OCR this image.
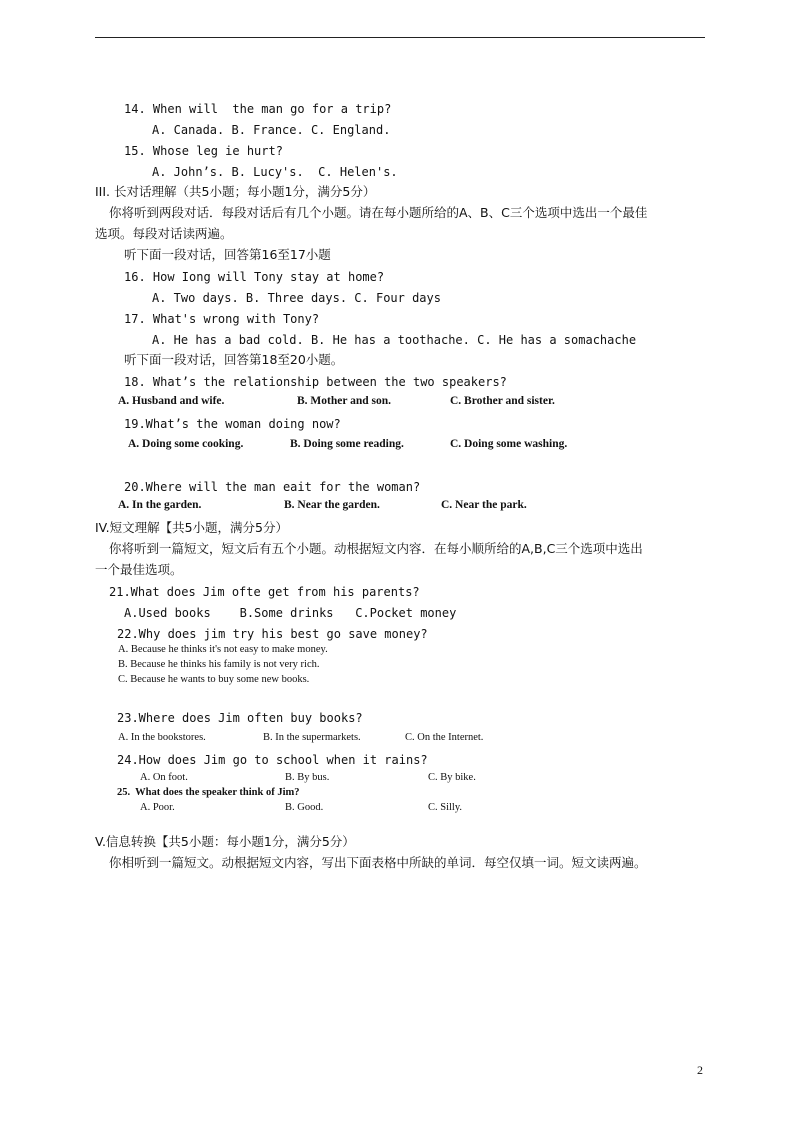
14. When will  the man go for a trip?
A. Canada. B. France. C. England.
15. Whose leg ie hurt?
A. John’s. B. Lucy's.  C. Helen's.
III. 长对话理解（共5小题；每小题1分，满分5分）
你将听到两段对话．每段对话后有几个小题。请在每小题所给的A、B、C三个选项中选出一个最佳
选项。每段对话读两遍。
听下面一段对话，回答第16至17小题
16. How Iong will Tony stay at home?
A. Two days. B. Three days. C. Four days
17. What's wrong with Tony?
A. He has a bad cold. B. He has a toothache. C. He has a somachache
听下面一段对话，回答第18至20小题。
18. What’s the relationship between the two speakers?
A. Husband and wife.	B. Mother and son.	C. Brother and sister.
19.What’s the woman doing now?
A. Doing some cooking.	B. Doing some reading.	C. Doing some washing.
20.Where will the man eait for the woman?
A. In the garden.	B. Near the garden.	C. Near the park.
IV.短文理解【共5小题，满分5分）
你将听到一篇短文，短文后有五个小题。动根据短文内容．在每小顺所给的A,B,C三个选项中选出
一个最佳选项。
21.What does Jim ofte get from his parents?
A.Used books    B.Some drinks   C.Pocket money
22.Why does jim try his best go save money?
A. Because he thinks it's not easy to make money.
B. Because he thinks his family is not very rich.
C. Because he wants to buy some new books.
23.Where does Jim often buy books?
A. In the bookstores.	B. In the supermarkets.	C. On the Internet.
24.How does Jim go to school when it rains?
A. On foot.	B. By bus.	C. By bike.
25.  What does the speaker think of Jim?
A. Poor.	B. Good.	C. Silly.
V.信息转换【共5小题：每小题1分，满分5分）
你相听到一篇短文。动根据短文内容，写出下面表格中所缺的单词．每空仅填一词。短文读两遍。
2
